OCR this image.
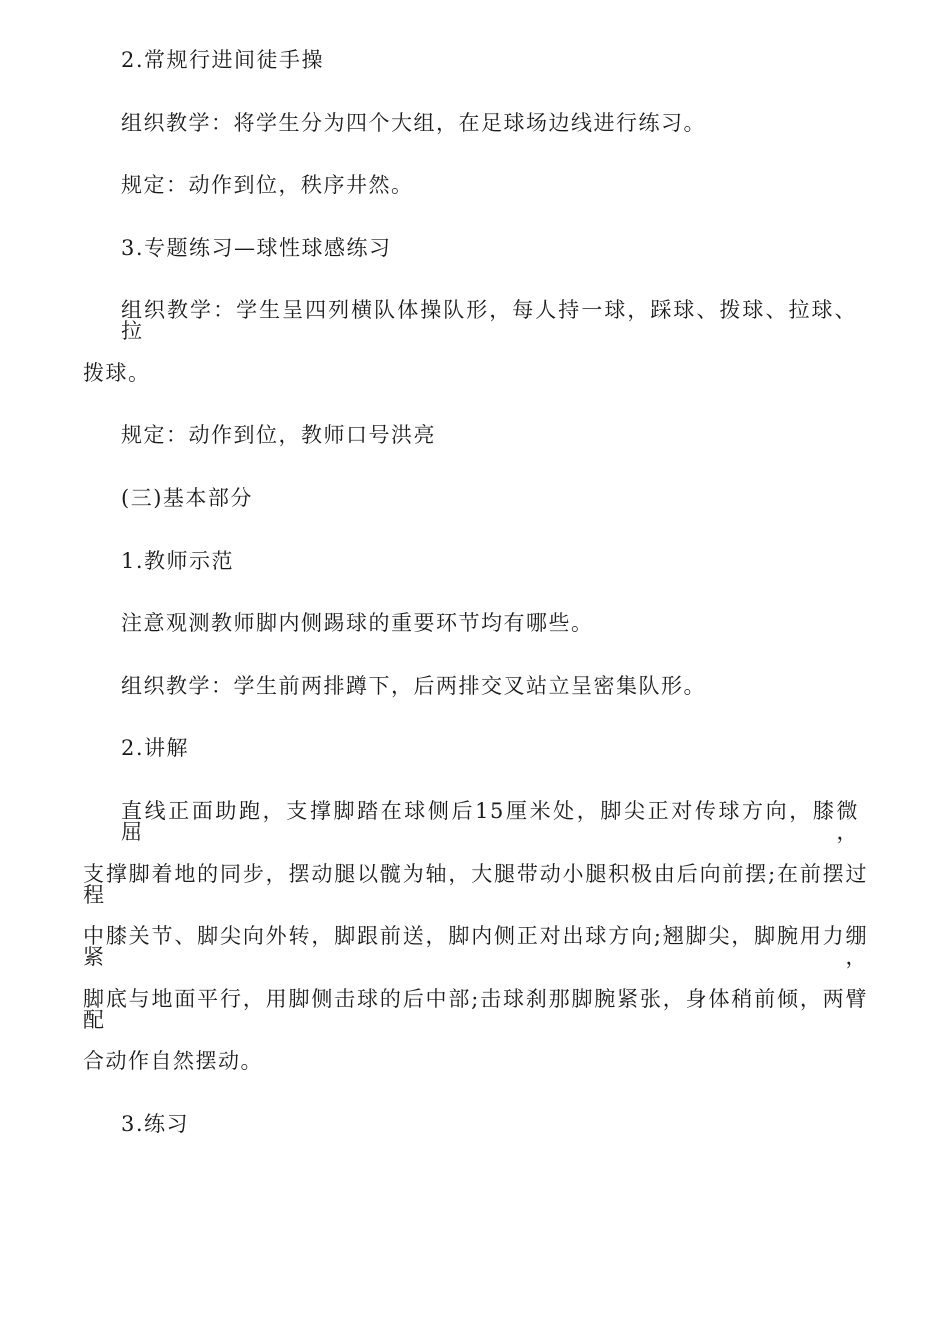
2.常规行进间徒手操
组织教学：将学生分为四个大组，在足球场边线进行练习。
规定：动作到位，秩序井然。
3.专题练习—球性球感练习
组织教学：学生呈四列横队体操队形，每人持一球，踩球、拨球、拉球、拉
拨球。
规定：动作到位，教师口号洪亮
(三)基本部分
1.教师示范
注意观测教师脚内侧踢球的重要环节均有哪些。
组织教学：学生前两排蹲下，后两排交叉站立呈密集队形。
2.讲解
直线正面助跑，支撑脚踏在球侧后15厘米处，脚尖正对传球方向，膝微屈，
支撑脚着地的同步，摆动腿以髋为轴，大腿带动小腿积极由后向前摆;在前摆过程
中膝关节、脚尖向外转，脚跟前送，脚内侧正对出球方向;翘脚尖，脚腕用力绷紧，
脚底与地面平行，用脚侧击球的后中部;击球刹那脚腕紧张，身体稍前倾，两臂配
合动作自然摆动。
3.练习
